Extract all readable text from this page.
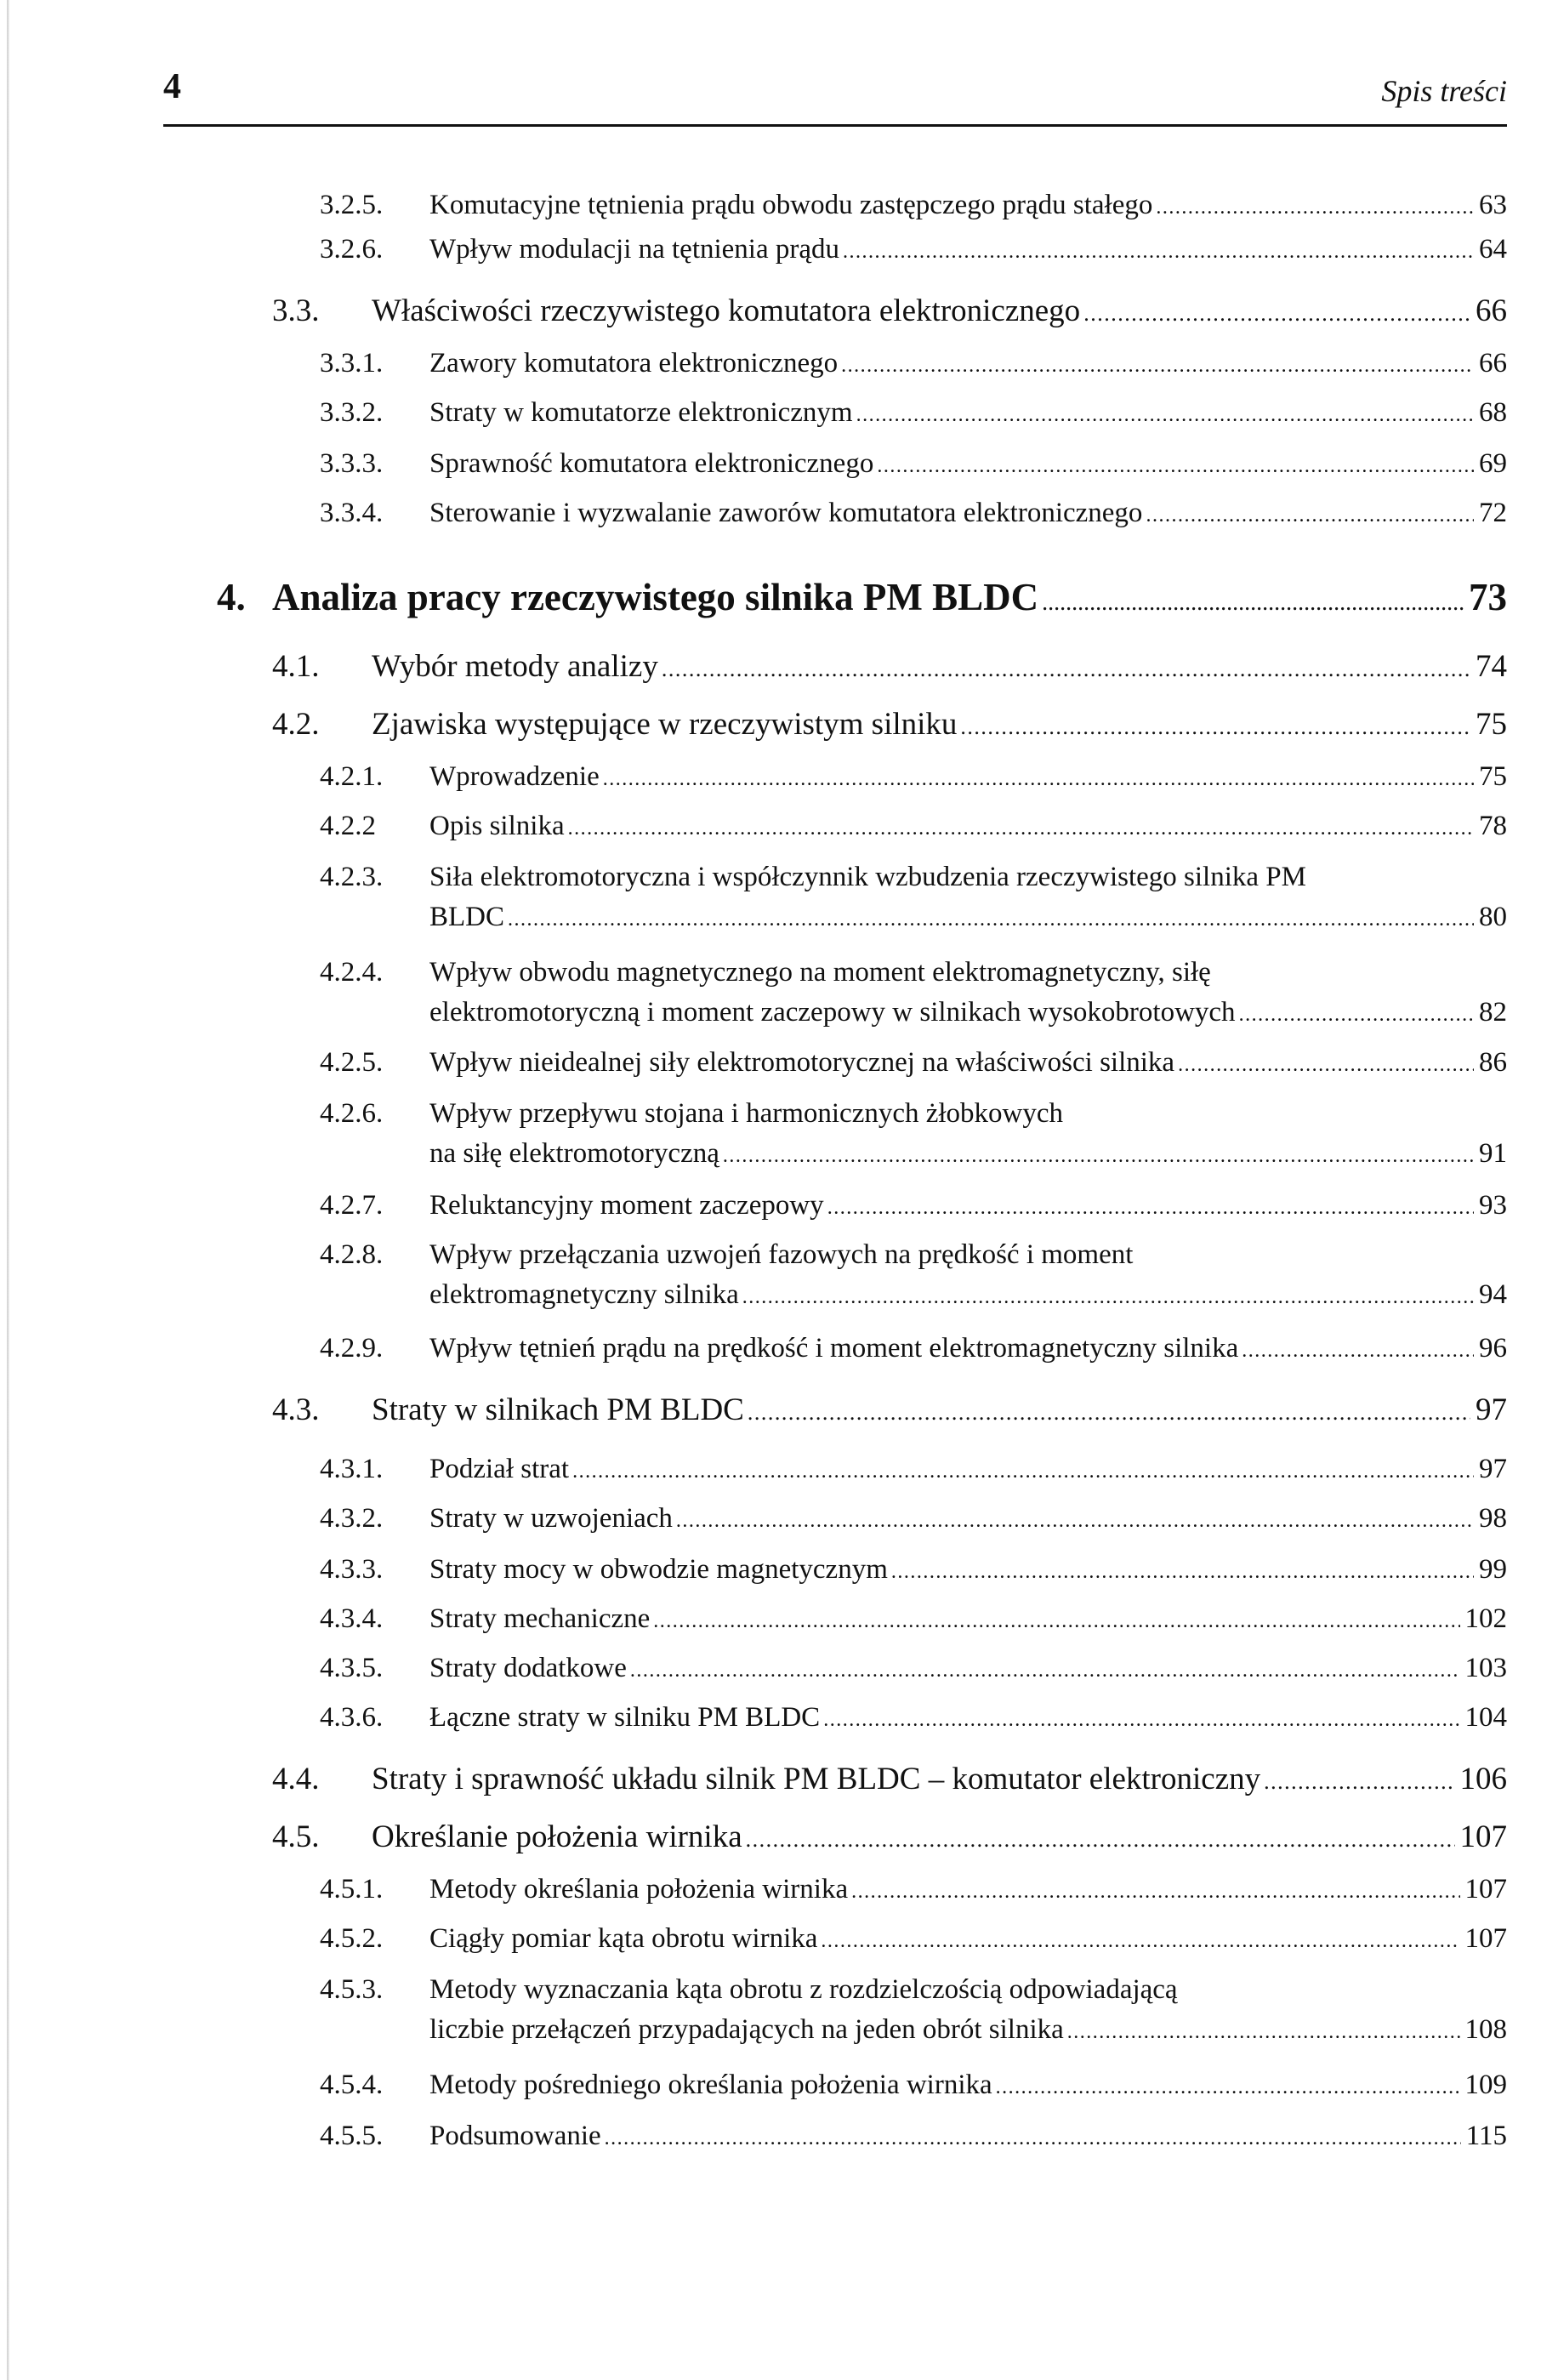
4	Spis treści
3.2.5. Komutacyjne tętnienia prądu obwodu zastępczego prądu stałego .....	63
3.2.6. Wpływ modulacji na tętnienia prądu .....	64
3.3. Właściwości rzeczywistego komutatora elektronicznego .....	66
3.3.1. Zawory komutatora elektronicznego .....	66
3.3.2. Straty w komutatorze elektronicznym .....	68
3.3.3. Sprawność komutatora elektronicznego .....	69
3.3.4. Sterowanie i wyzwalanie zaworów komutatora elektronicznego .....	72
4. Analiza pracy rzeczywistego silnika PM BLDC .....	73
4.1. Wybór metody analizy .....	74
4.2. Zjawiska występujące w rzeczywistym silniku .....	75
4.2.1. Wprowadzenie .....	75
4.2.2 Opis silnika .....	78
4.2.3. Siła elektromotoryczna i współczynnik wzbudzenia rzeczywistego silnika PM
BLDC .....	80
4.2.4. Wpływ obwodu magnetycznego na moment elektromagnetyczny, siłę
elektromotoryczną i moment zaczepowy w silnikach wysokobrotowych .....	82
4.2.5. Wpływ nieidealnej siły elektromotorycznej na właściwości silnika .....	86
4.2.6. Wpływ przepływu stojana i harmonicznych żłobkowych
na siłę elektromotoryczną .....	91
4.2.7. Reluktancyjny moment zaczepowy .....	93
4.2.8. Wpływ przełączania uzwojeń fazowych na prędkość i moment
elektromagnetyczny silnika .....	94
4.2.9. Wpływ tętnień prądu na prędkość i moment elektromagnetyczny silnika .....	96
4.3. Straty w silnikach PM BLDC .....	97
4.3.1. Podział strat .....	97
4.3.2. Straty w uzwojeniach .....	98
4.3.3. Straty mocy w obwodzie magnetycznym .....	99
4.3.4. Straty mechaniczne .....	102
4.3.5. Straty dodatkowe .....	103
4.3.6. Łączne straty w silniku PM BLDC .....	104
4.4. Straty i sprawność układu silnik PM BLDC – komutator elektroniczny .....	106
4.5. Określanie położenia wirnika .....	107
4.5.1. Metody określania położenia wirnika .....	107
4.5.2. Ciągły pomiar kąta obrotu wirnika .....	107
4.5.3. Metody wyznaczania kąta obrotu z rozdzielczością odpowiadającą
liczbie przełączeń przypadających na jeden obrót silnika .....	108
4.5.4. Metody pośredniego określania położenia wirnika .....	109
4.5.5. Podsumowanie .....	115
